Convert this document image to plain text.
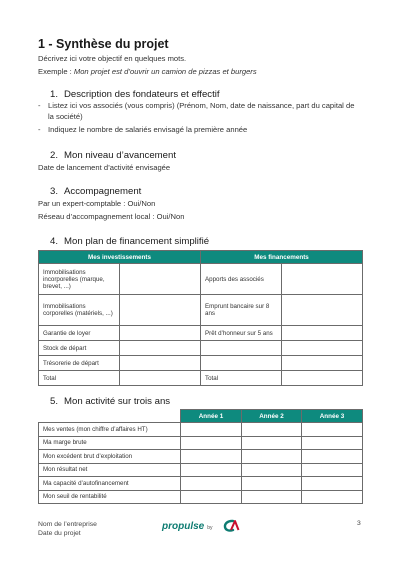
1 - Synthèse du projet
Décrivez ici votre objectif en quelques mots.
Exemple : Mon projet est d’ouvrir un camion de pizzas et burgers
1. Description des fondateurs et effectif
- Listez ici vos associés (vous compris) (Prénom, Nom, date de naissance, part du capital de la société)
- Indiquez le nombre de salariés envisagé la première année
2. Mon niveau d’avancement
Date de lancement d’activité envisagée
3. Accompagnement
Par un expert-comptable : Oui/Non
Réseau d’accompagnement local : Oui/Non
4. Mon plan de financement simplifié
Mes investissements		Mes financements	
Immobilisations incorporelles (marque, brevet, ...)		Apports des associés	
Immobilisations corporelles (matériels, ...)		Emprunt bancaire sur 8 ans	
Garantie de loyer		Prêt d’honneur sur 5 ans	
Stock de départ			
Trésorerie de départ			
Total		Total	
5. Mon activité sur trois ans
	Année 1	Année 2	Année 3
Mes ventes (mon chiffre d’affaires HT)			
Ma marge brute			
Mon excédent brut d’exploitation			
Mon résultat net			
Ma capacité d’autofinancement			
Mon seuil de rentabilité			
Nom de l’entreprise
Date du projet
propulse by
3
